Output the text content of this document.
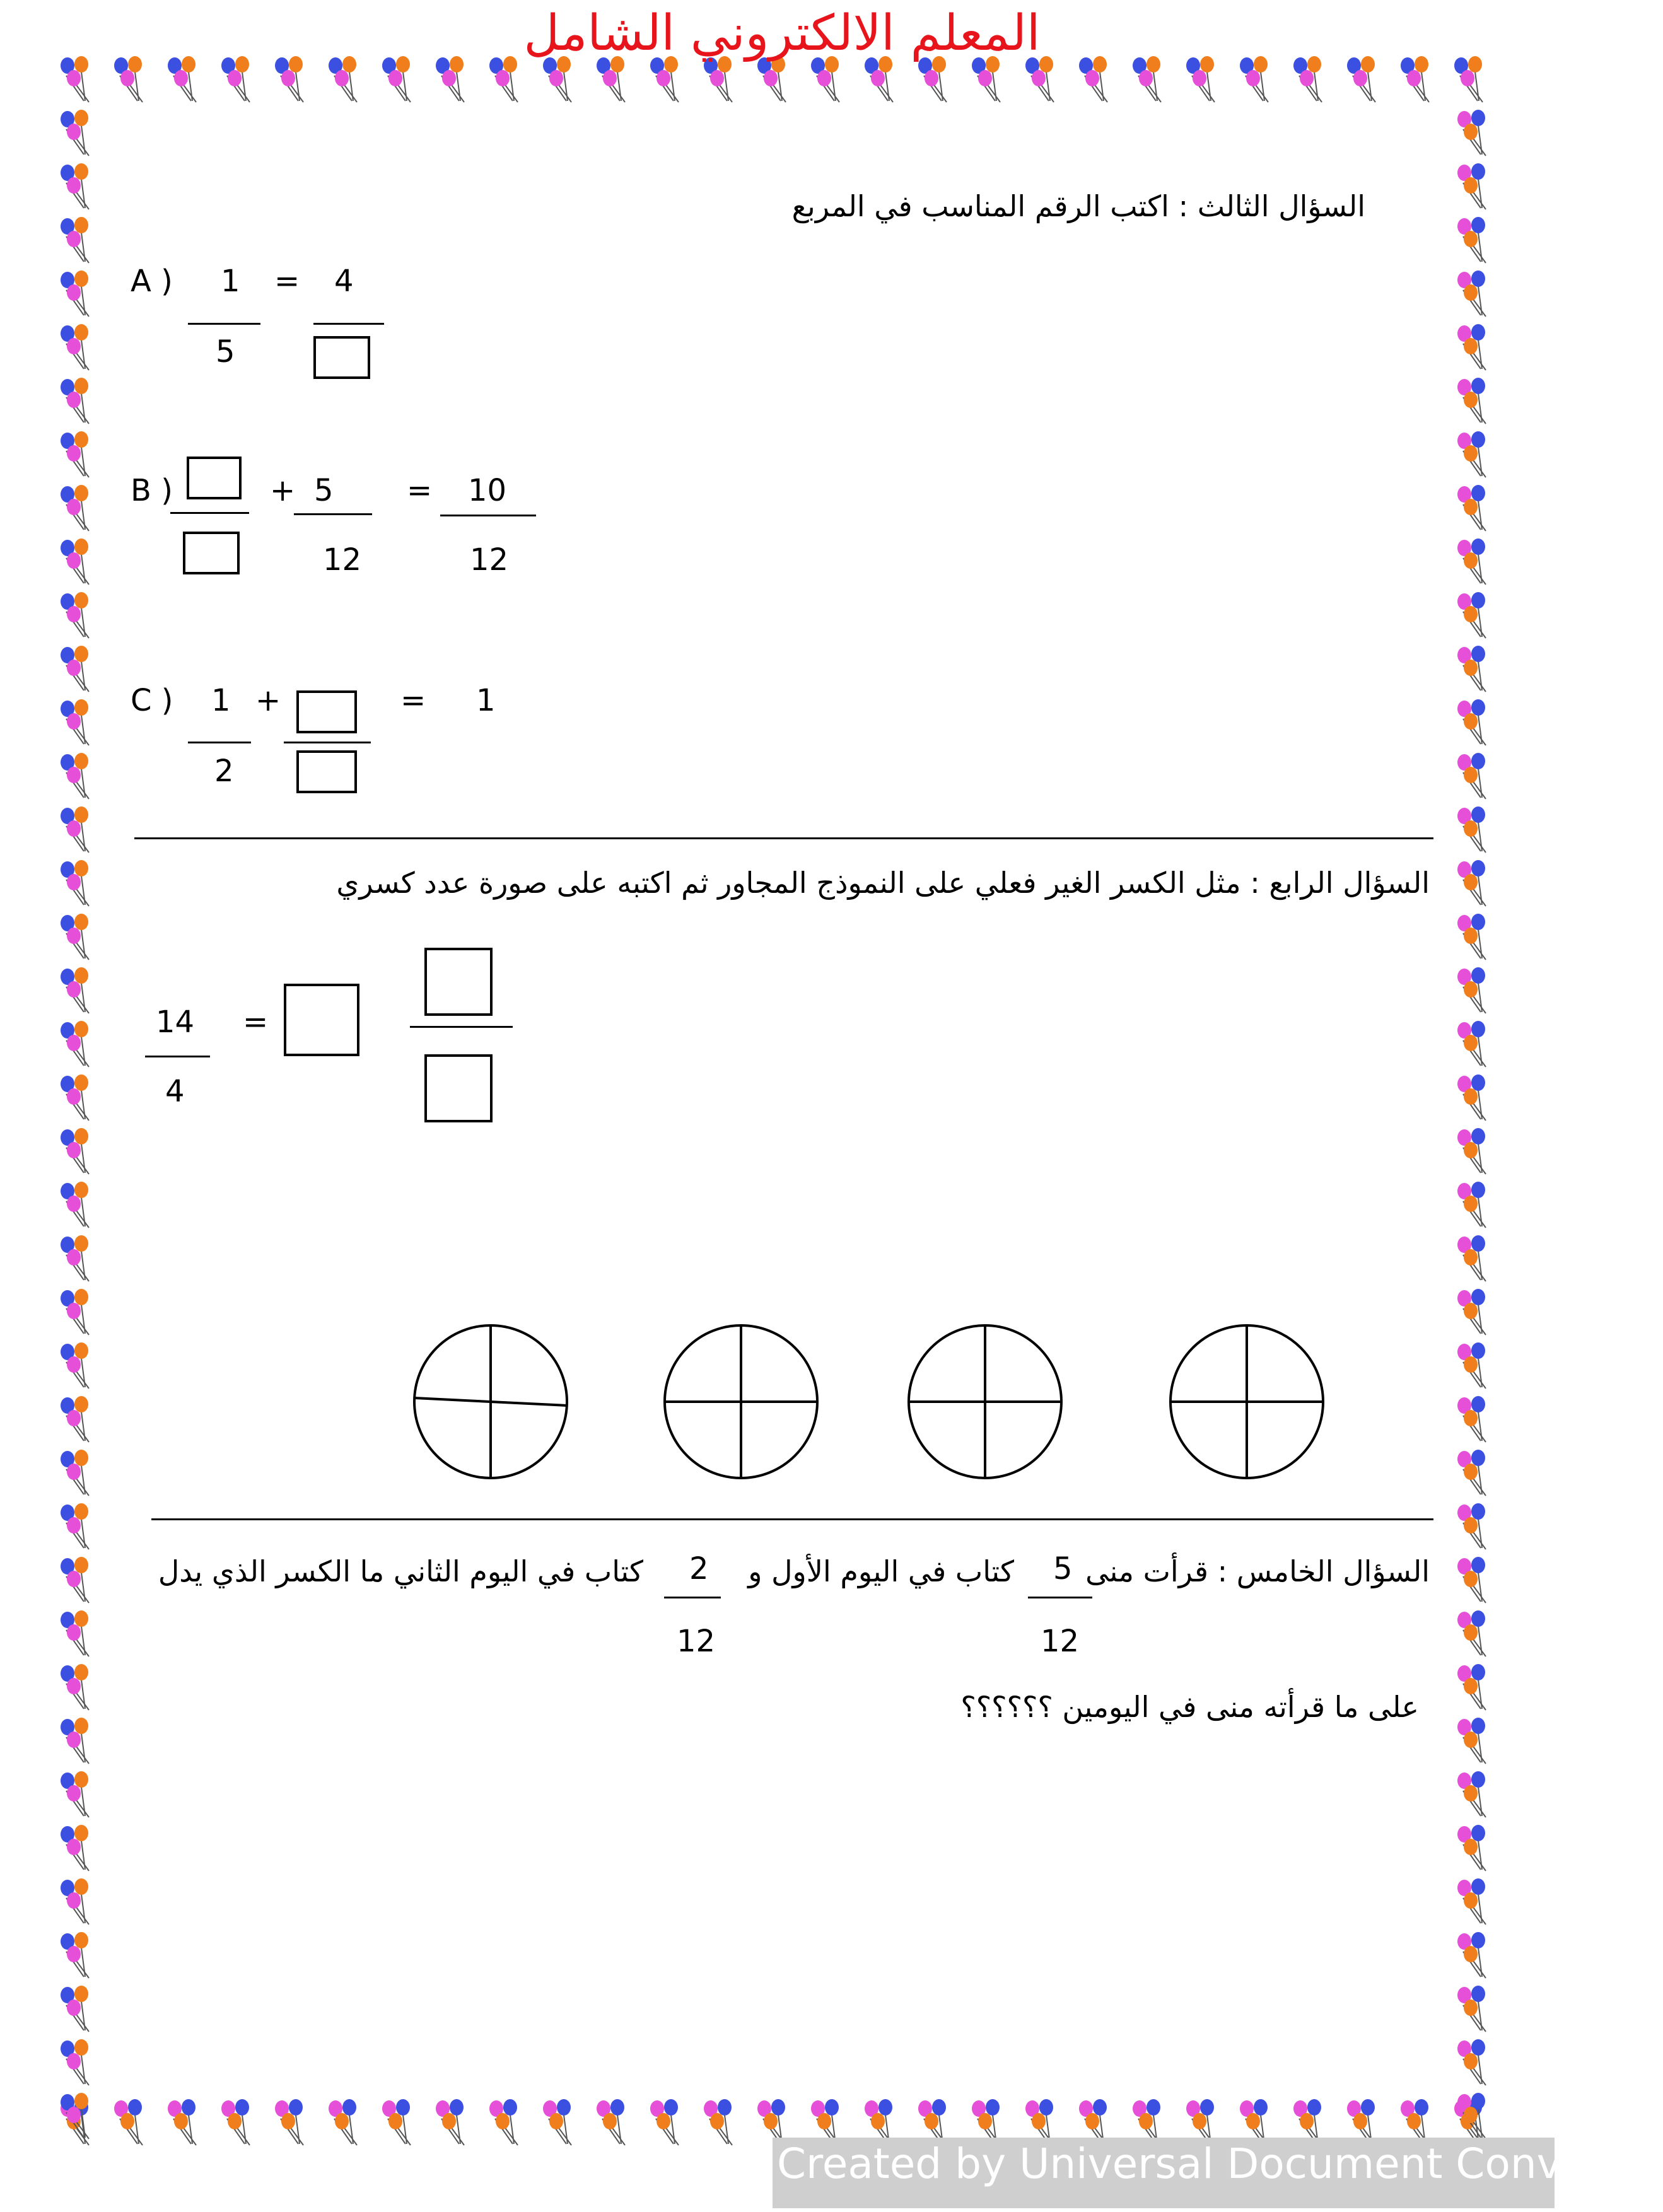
المعلم الالكتروني الشامل
السؤال الثالث : اكتب الرقم المناسب في المربع
A ) 1 = 4
5
B )	+ 5
12
= 10
12
C ) 1
2
+	= 1
السؤال الرابع : مثل الكسر الغير فعلي على النموذج المجاور ثم اكتبه على صورة عدد كسري
14
4
=
السؤال الخامس : قرأت منى
5
12
كتاب في اليوم الأول و
2
12
كتاب في اليوم الثاني ما الكسر الذي يدل
على ما قرأته منى في اليومين ؟؟؟؟؟؟
Created by Universal Document Converter
